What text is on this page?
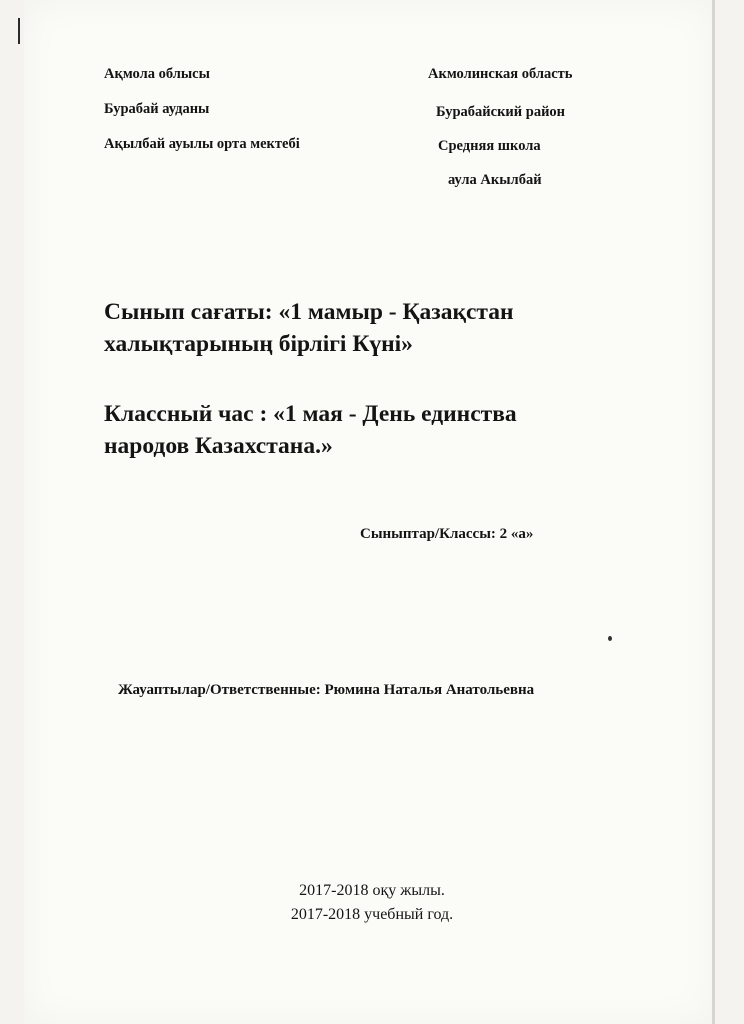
Ақмола облысы
Бурабай ауданы
Ақылбай ауылы орта мектебі
Акмолинская область
Бурабайский район
Средняя школа
аула Акылбай
Сынып сағаты: «1 мамыр - Қазақстан
халықтарының бірлігі Күні»
Классный час : «1 мая - День единства
народов Казахстана.»
Сыныптар/Классы: 2 «а»
Жауаптылар/Ответственные: Рюмина Наталья Анатольевна
2017-2018 оқу жылы.
2017-2018 учебный год.
